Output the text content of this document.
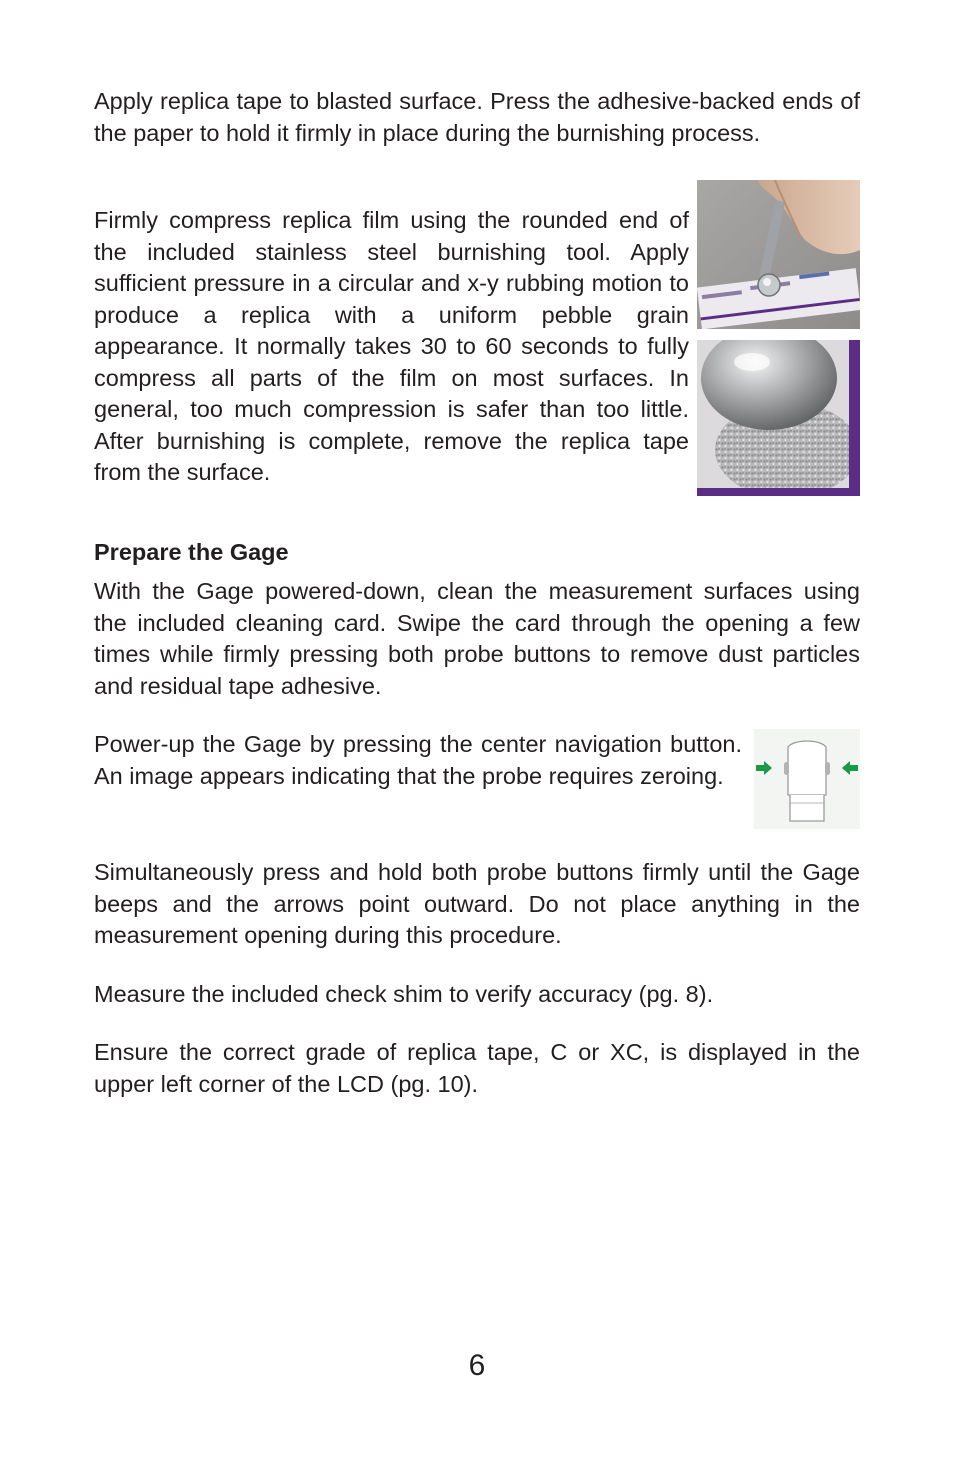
Apply replica tape to blasted surface. Press the adhesive-backed ends of the paper to hold it firmly in place during the burnishing process.

Firmly compress replica film using the rounded end of the included stainless steel burnishing tool. Apply sufficient pressure in a circular and x-y rubbing motion to produce a replica with a uniform pebble grain appearance. It normally takes 30 to 60 seconds to fully compress all parts of the film on most surfaces. In general, too much compression is safer than too little. After burnishing is complete, remove the replica tape from the surface.

Prepare the Gage

With the Gage powered-down, clean the measurement surfaces using the included cleaning card. Swipe the card through the opening a few times while firmly pressing both probe buttons to remove dust particles and residual tape adhesive.

Power-up the Gage by pressing the center navigation button. An image appears indicating that the probe requires zeroing.

Simultaneously press and hold both probe buttons firmly until the Gage beeps and the arrows point outward. Do not place anything in the measurement opening during this procedure.

Measure the included check shim to verify accuracy (pg. 8).

Ensure the correct grade of replica tape, C or XC, is displayed in the upper left corner of the LCD (pg. 10).

6
